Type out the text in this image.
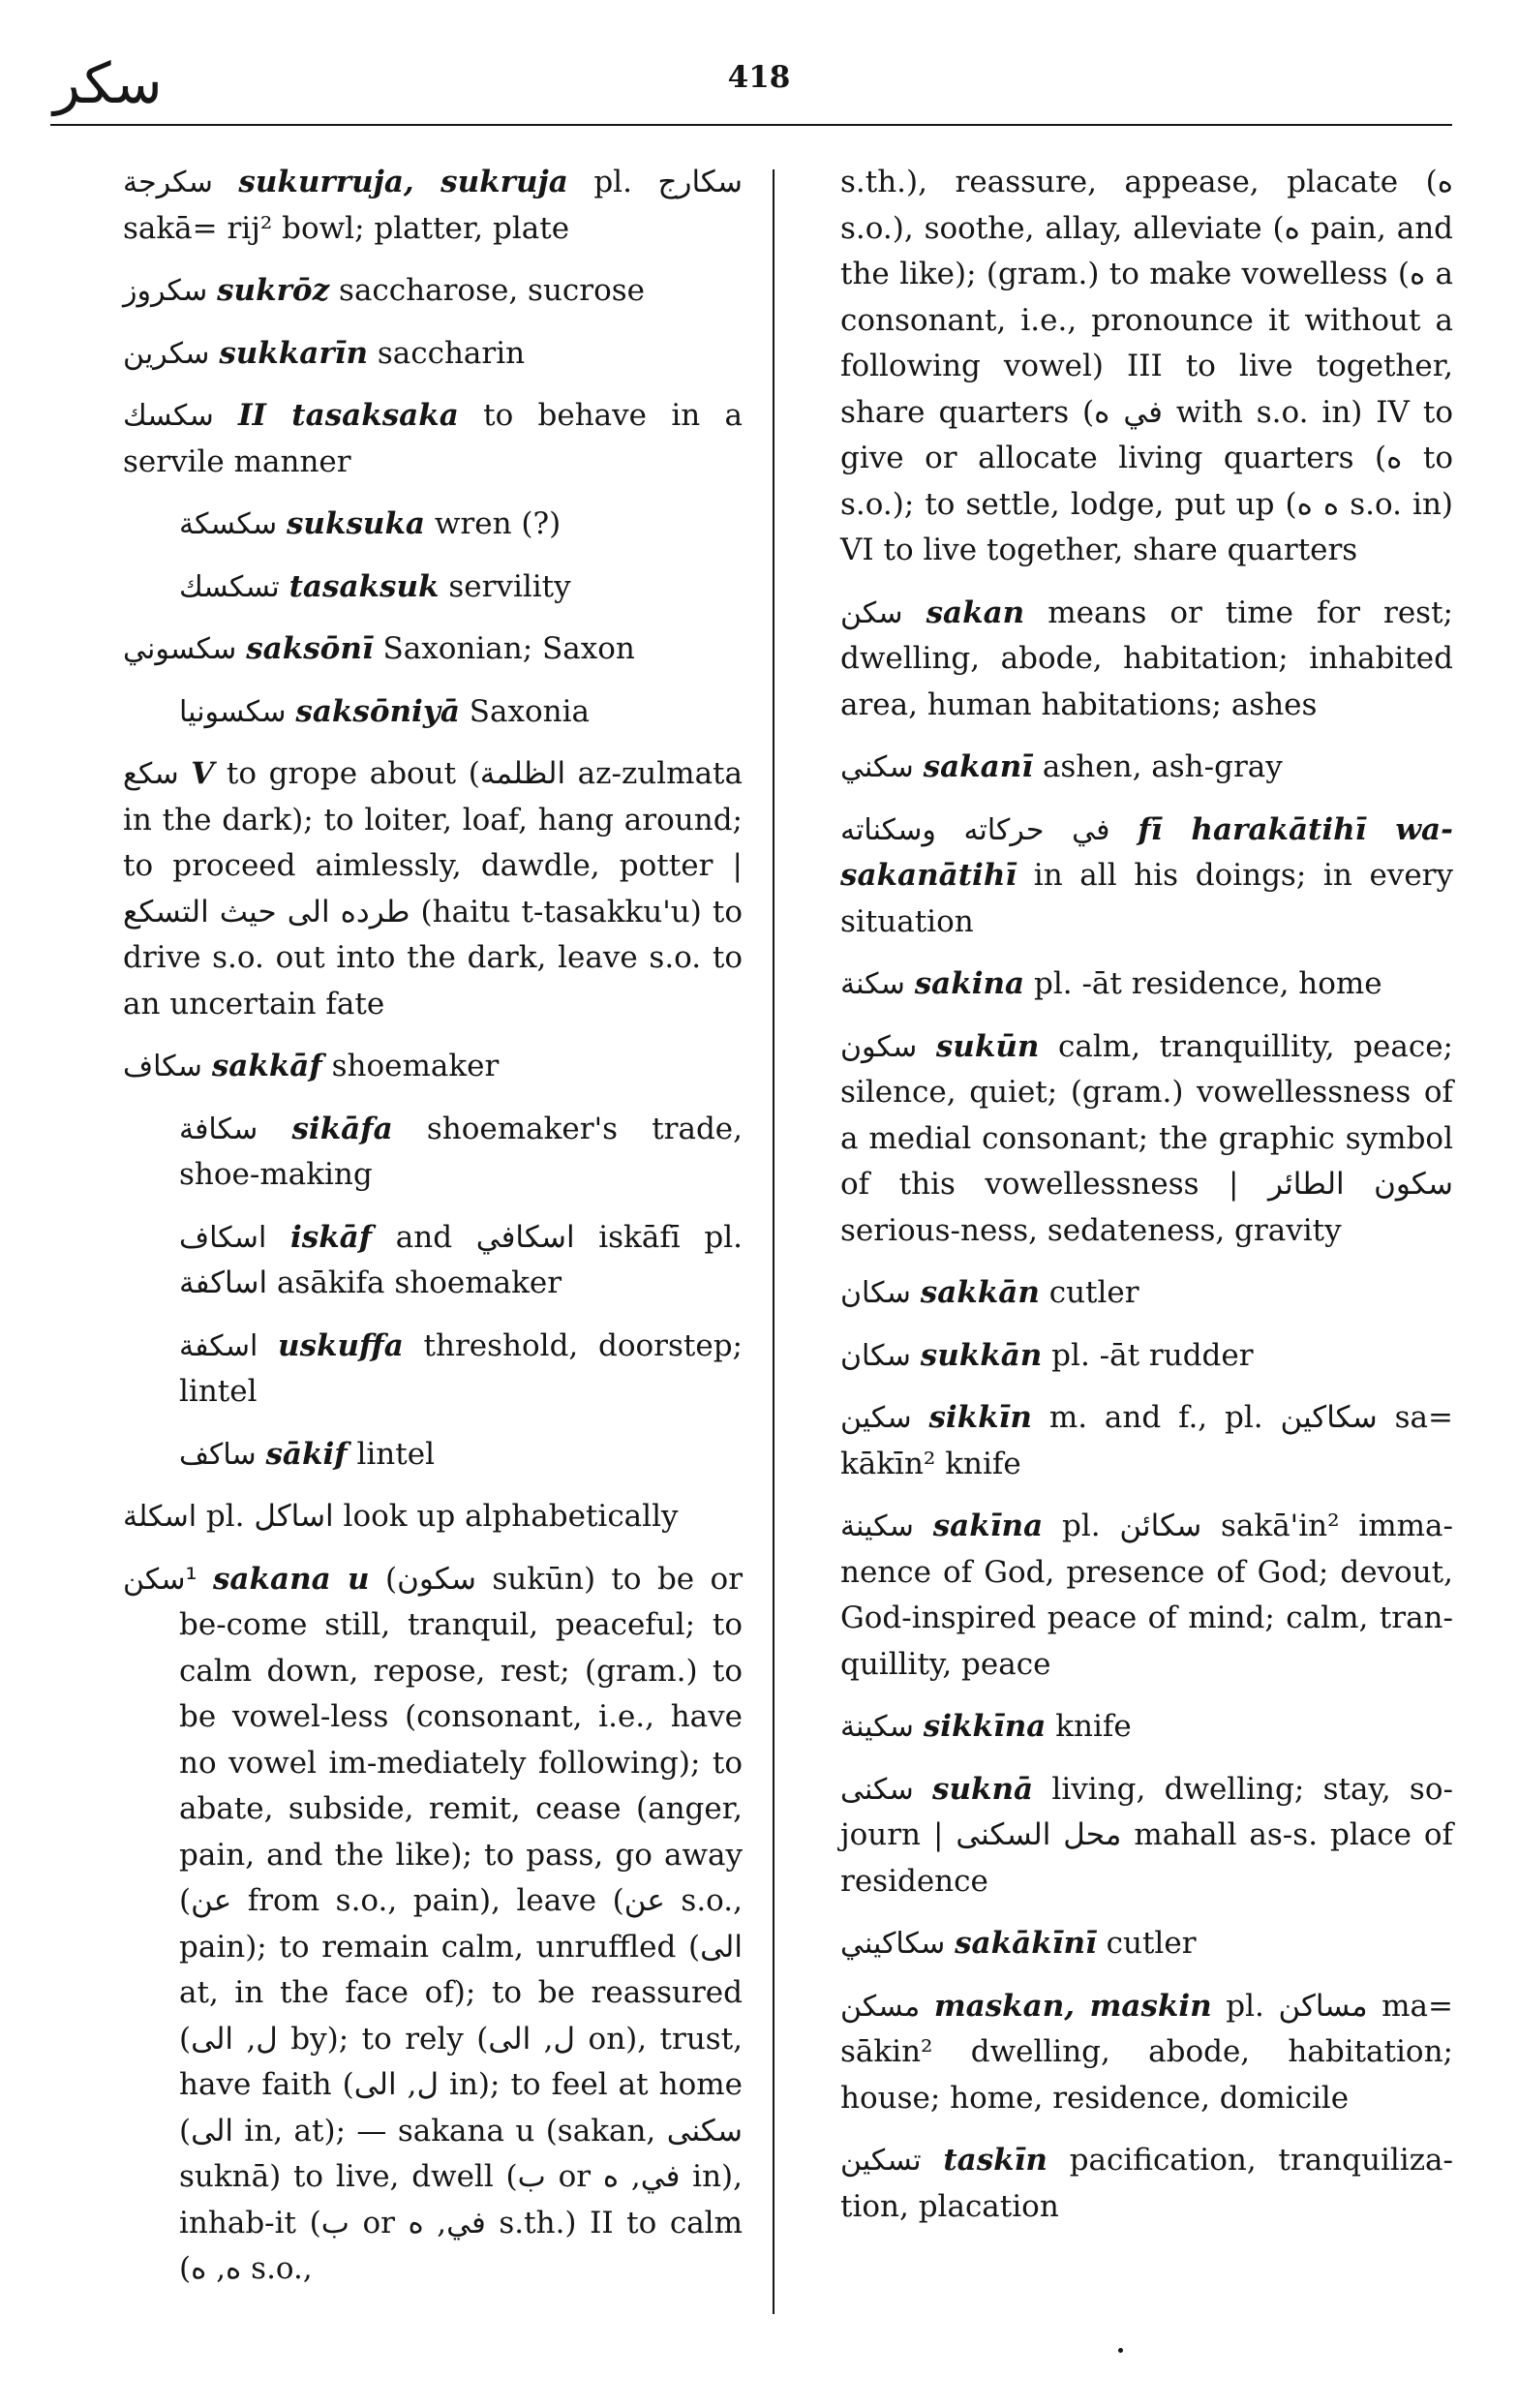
سكر	418

سكرجة sukurruja, sukruja pl. سكارج sakā= rij² bowl; platter, plate

سكروز sukrōz saccharose, sucrose

سكرين sukkarīn saccharin

سكسك II tasaksaka to behave in a servile manner

سكسكة suksuka wren (?)

تسكسك tasaksuk servility

سكسوني saksōnī Saxonian; Saxon

سكسونيا saksōniyā Saxonia

سكع V to grope about (الظلمة az-zulmata in the dark); to loiter, loaf, hang around; to proceed aimlessly, dawdle, potter | طرده الى حيث التسكع (haitu t-tasakku'u) to drive s.o. out into the dark, leave s.o. to an uncertain fate

سكاف sakkāf shoemaker

سكافة sikāfa shoemaker's trade, shoe-making

اسكاف iskāf and اسكافي iskāfī pl. اساكفة asākifa shoemaker

اسكفة uskuffa threshold, doorstep; lintel

ساكف sākif lintel

اسكلة pl. اساكل look up alphabetically

¹سكن sakana u (سكون sukūn) to be or be-come still, tranquil, peaceful; to calm down, repose, rest; (gram.) to be vowel-less (consonant, i.e., have no vowel im-mediately following); to abate, subside, remit, cease (anger, pain, and the like); to pass, go away (عن from s.o., pain), leave (عن s.o., pain); to remain calm, unruffled (الى at, in the face of); to be reassured (ل, الى by); to rely (ل, الى on), trust, have faith (ل, الى in); to feel at home (الى in, at); — sakana u (sakan, سكنى suknā) to live, dwell (ب or في, ه in), inhab-it (ب or في, ه s.th.) II to calm (ه, ه s.o.,

s.th.), reassure, appease, placate (ه s.o.), soothe, allay, alleviate (ه pain, and the like); (gram.) to make vowelless (ه a consonant, i.e., pronounce it without a following vowel) III to live together, share quarters (في ه with s.o. in) IV to give or allocate living quarters (ه to s.o.); to settle, lodge, put up (ه ه s.o. in) VI to live together, share quarters

سكن sakan means or time for rest; dwelling, abode, habitation; inhabited area, human habitations; ashes

سكني sakanī ashen, ash-gray

في حركاته وسكناته fī harakātihī wa-sakanātihī in all his doings; in every situation

سكنة sakina pl. -āt residence, home

سكون sukūn calm, tranquillity, peace; silence, quiet; (gram.) vowellessness of a medial consonant; the graphic symbol of this vowellessness | سكون الطائر serious-ness, sedateness, gravity

سكان sakkān cutler

سكان sukkān pl. -āt rudder

سكين sikkīn m. and f., pl. سكاكين sa= kākīn² knife

سكينة sakīna pl. سكائن sakā'in² imma-nence of God, presence of God; devout, God-inspired peace of mind; calm, tran-quillity, peace

سكينة sikkīna knife

سكنى suknā living, dwelling; stay, so-journ | محل السكنى mahall as-s. place of residence

سكاكيني sakākīnī cutler

مسكن maskan, maskin pl. مساكن ma= sākin² dwelling, abode, habitation; house; home, residence, domicile

تسكين taskīn pacification, tranquiliza-tion, placation
